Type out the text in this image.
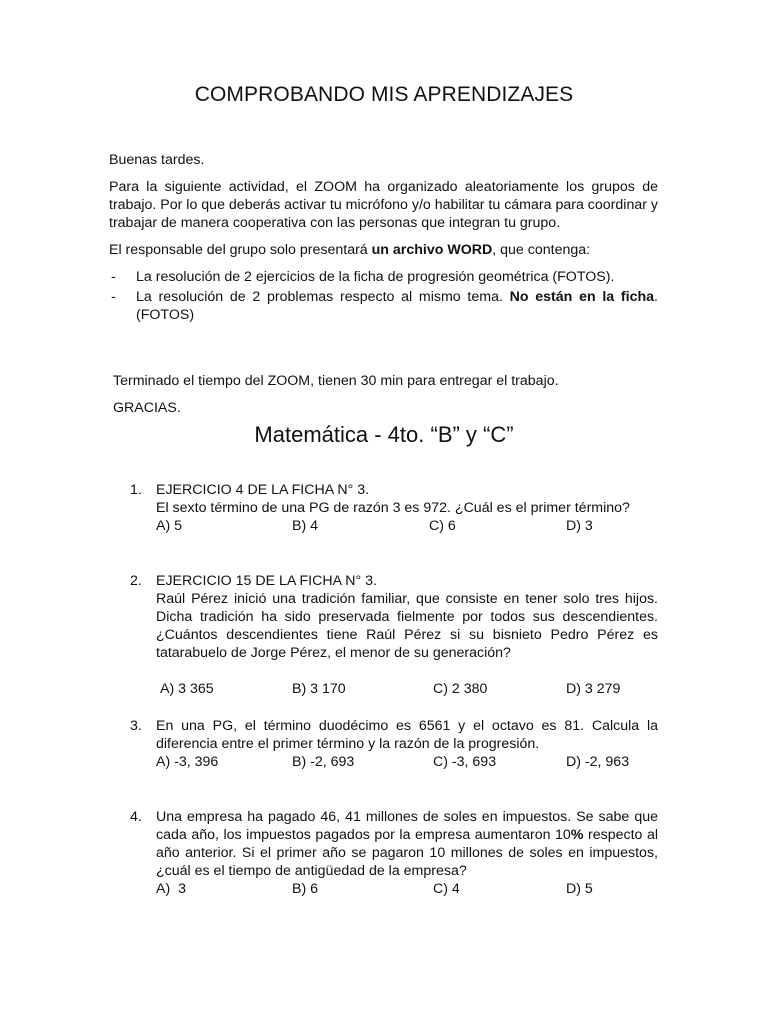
COMPROBANDO MIS APRENDIZAJES

Buenas tardes.

Para la siguiente actividad, el ZOOM ha organizado aleatoriamente los grupos de trabajo. Por lo que deberás activar tu micrófono y/o habilitar tu cámara para coordinar y trabajar de manera cooperativa con las personas que integran tu grupo.

El responsable del grupo solo presentará un archivo WORD, que contenga:

- La resolución de 2 ejercicios de la ficha de progresión geométrica (FOTOS).
- La resolución de 2 problemas respecto al mismo tema. No están en la ficha. (FOTOS)

Terminado el tiempo del ZOOM, tienen 30 min para entregar el trabajo.

GRACIAS.

Matemática - 4to. “B” y “C”
1. EJERCICIO 4 DE LA FICHA N° 3.
El sexto término de una PG de razón 3 es 972. ¿Cuál es el primer término?
A) 5	B) 4	C) 6	D) 3
2. EJERCICIO 15 DE LA FICHA N° 3.
Raúl Pérez inició una tradición familiar, que consiste en tener solo tres hijos. Dicha tradición ha sido preservada fielmente por todos sus descendientes. ¿Cuántos descendientes tiene Raúl Pérez si su bisnieto Pedro Pérez es tatarabuelo de Jorge Pérez, el menor de su generación?
A) 3 365	B) 3 170	C) 2 380	D) 3 279
3. En una PG, el término duodécimo es 6561 y el octavo es 81. Calcula la diferencia entre el primer término y la razón de la progresión.
A) -3, 396	B) -2, 693	C) -3, 693	D) -2, 963
4. Una empresa ha pagado 46, 41 millones de soles en impuestos. Se sabe que cada año, los impuestos pagados por la empresa aumentaron 10% respecto al año anterior. Si el primer año se pagaron 10 millones de soles en impuestos, ¿cuál es el tiempo de antigüedad de la empresa?
A)  3	B) 6	C) 4	D) 5
